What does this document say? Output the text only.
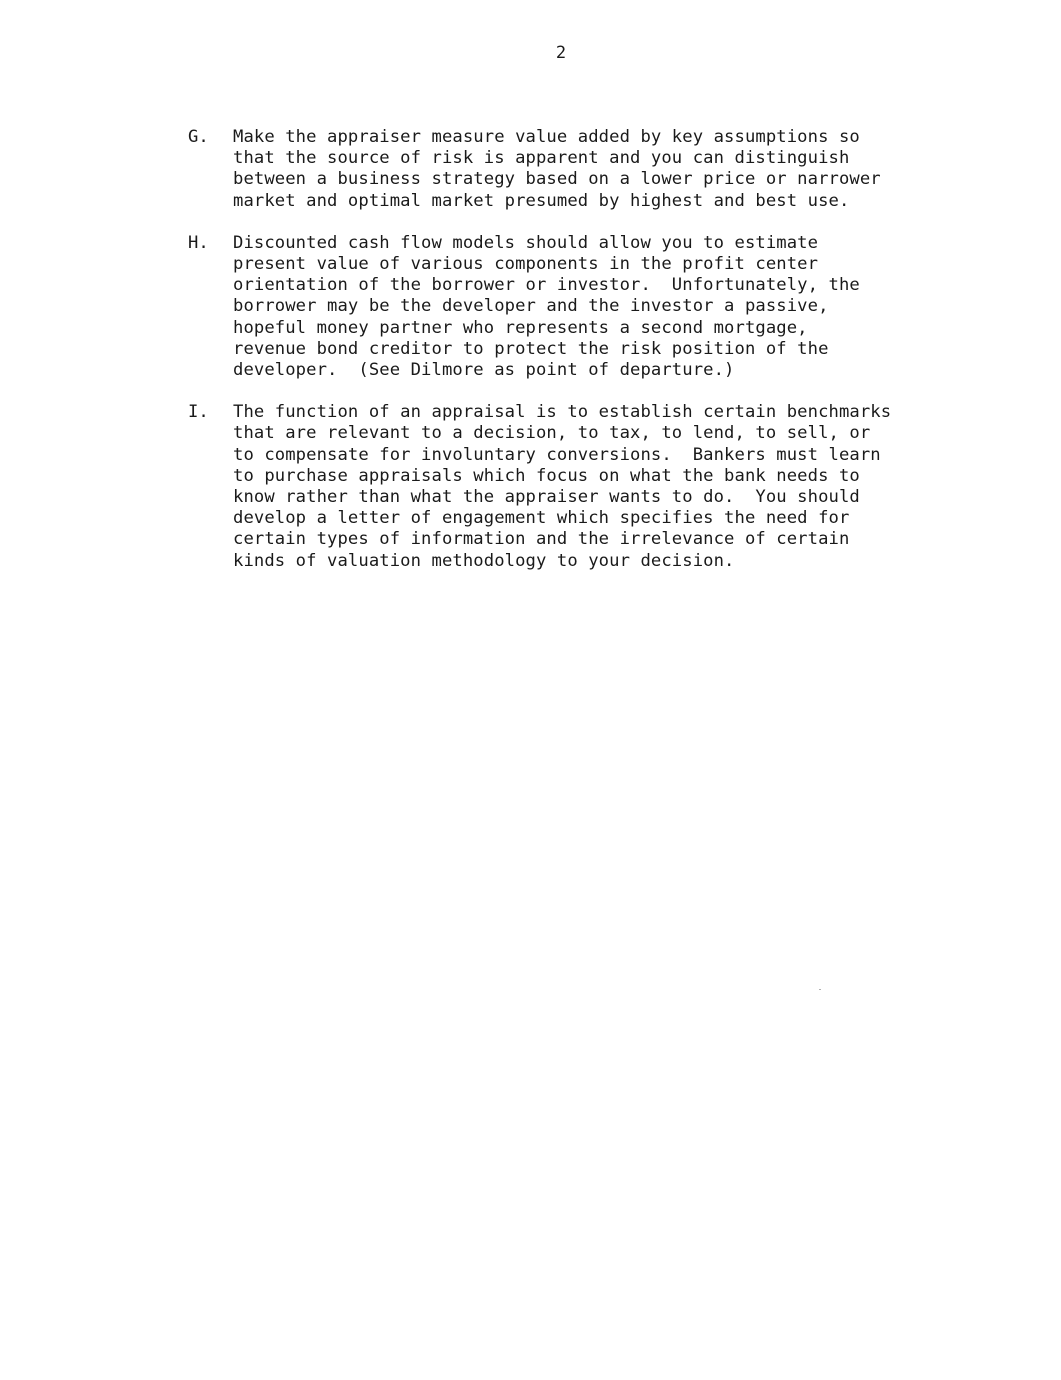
2
G.	Make the appraiser measure value added by key assumptions so
that the source of risk is apparent and you can distinguish
between a business strategy based on a lower price or narrower
market and optimal market presumed by highest and best use.
H.	Discounted cash flow models should allow you to estimate
present value of various components in the profit center
orientation of the borrower or investor.  Unfortunately, the
borrower may be the developer and the investor a passive,
hopeful money partner who represents a second mortgage,
revenue bond creditor to protect the risk position of the
developer.  (See Dilmore as point of departure.)
I.	The function of an appraisal is to establish certain benchmarks
that are relevant to a decision, to tax, to lend, to sell, or
to compensate for involuntary conversions.  Bankers must learn
to purchase appraisals which focus on what the bank needs to
know rather than what the appraiser wants to do.  You should
develop a letter of engagement which specifies the need for
certain types of information and the irrelevance of certain
kinds of valuation methodology to your decision.
